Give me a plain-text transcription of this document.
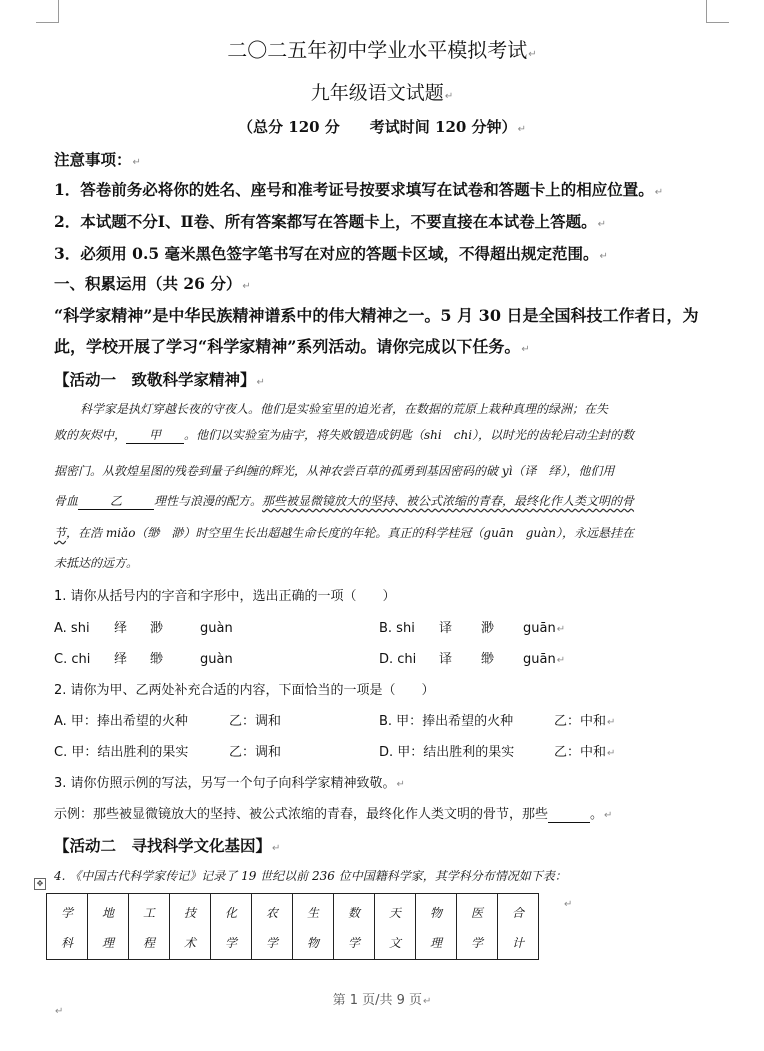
二〇二五年初中学业水平模拟考试↵
九年级语文试题↵
（总分 120 分　　考试时间 120 分钟）↵
注意事项：↵
1．答卷前务必将你的姓名、座号和准考证号按要求填写在试卷和答题卡上的相应位置。↵
2．本试题不分Ⅰ、Ⅱ卷、所有答案都写在答题卡上，不要直接在本试卷上答题。↵
3．必须用 0.5 毫米黑色签字笔书写在对应的答题卡区域，不得超出规定范围。↵
一、积累运用（共 26 分）↵
“科学家精神”是中华民族精神谱系中的伟大精神之一。5 月 30 日是全国科技工作者日，为
此，学校开展了学习“科学家精神”系列活动。请你完成以下任务。↵
【活动一　致敬科学家精神】↵
科学家是执灯穿越长夜的守夜人。他们是实验室里的追光者，在数据的荒原上栽种真理的绿洲；在失
败的灰烬中， 甲 。他们以实验室为庙宇，将失败锻造成钥匙（shi　chi），以时光的齿轮启动尘封的数
据密门。从敦煌星图的残卷到量子纠缠的辉光，从神农尝百草的孤勇到基因密码的破 yì（译　绎），他们用
骨血	乙	理性与浪漫的配方。那些被显微镜放大的坚持、被公式浓缩的青春，最终化作人类文明的骨
节，在浩 miǎo（缈　渺）时空里生长出超越生命长度的年轮。真正的科学桂冠（guān　guàn），永远悬挂在
未抵达的远方。
1. 请你从括号内的字音和字形中，选出正确的一项（　　）
A. shi 绎 渺	guàn	B. shi 译 渺 guān↵
C. chi 绎 缈	guàn	D. chi 译 缈 guān↵
2. 请你为甲、乙两处补充合适的内容，下面恰当的一项是（　　）
A. 甲：捧出希望的火种	乙：调和	B. 甲：捧出希望的火种	乙：中和↵
C. 甲：结出胜利的果实	乙：调和	D. 甲：结出胜利的果实	乙：中和↵
3. 请你仿照示例的写法，另写一个句子向科学家精神致敬。↵
示例：那些被显微镜放大的坚持、被公式浓缩的青春，最终化作人类文明的骨节，那些	。↵
【活动二　寻找科学文化基因】↵
✥
4. 《中国古代科学家传记》记录了 19 世纪以前 236 位中国籍科学家，其学科分布情况如下表：
学
科

地
理

工
程

技
术

化
学

农
学

生
物

数
学

天
文

物
理

医
学

合
计
↵
第 1 页/共 9 页↵
↵
